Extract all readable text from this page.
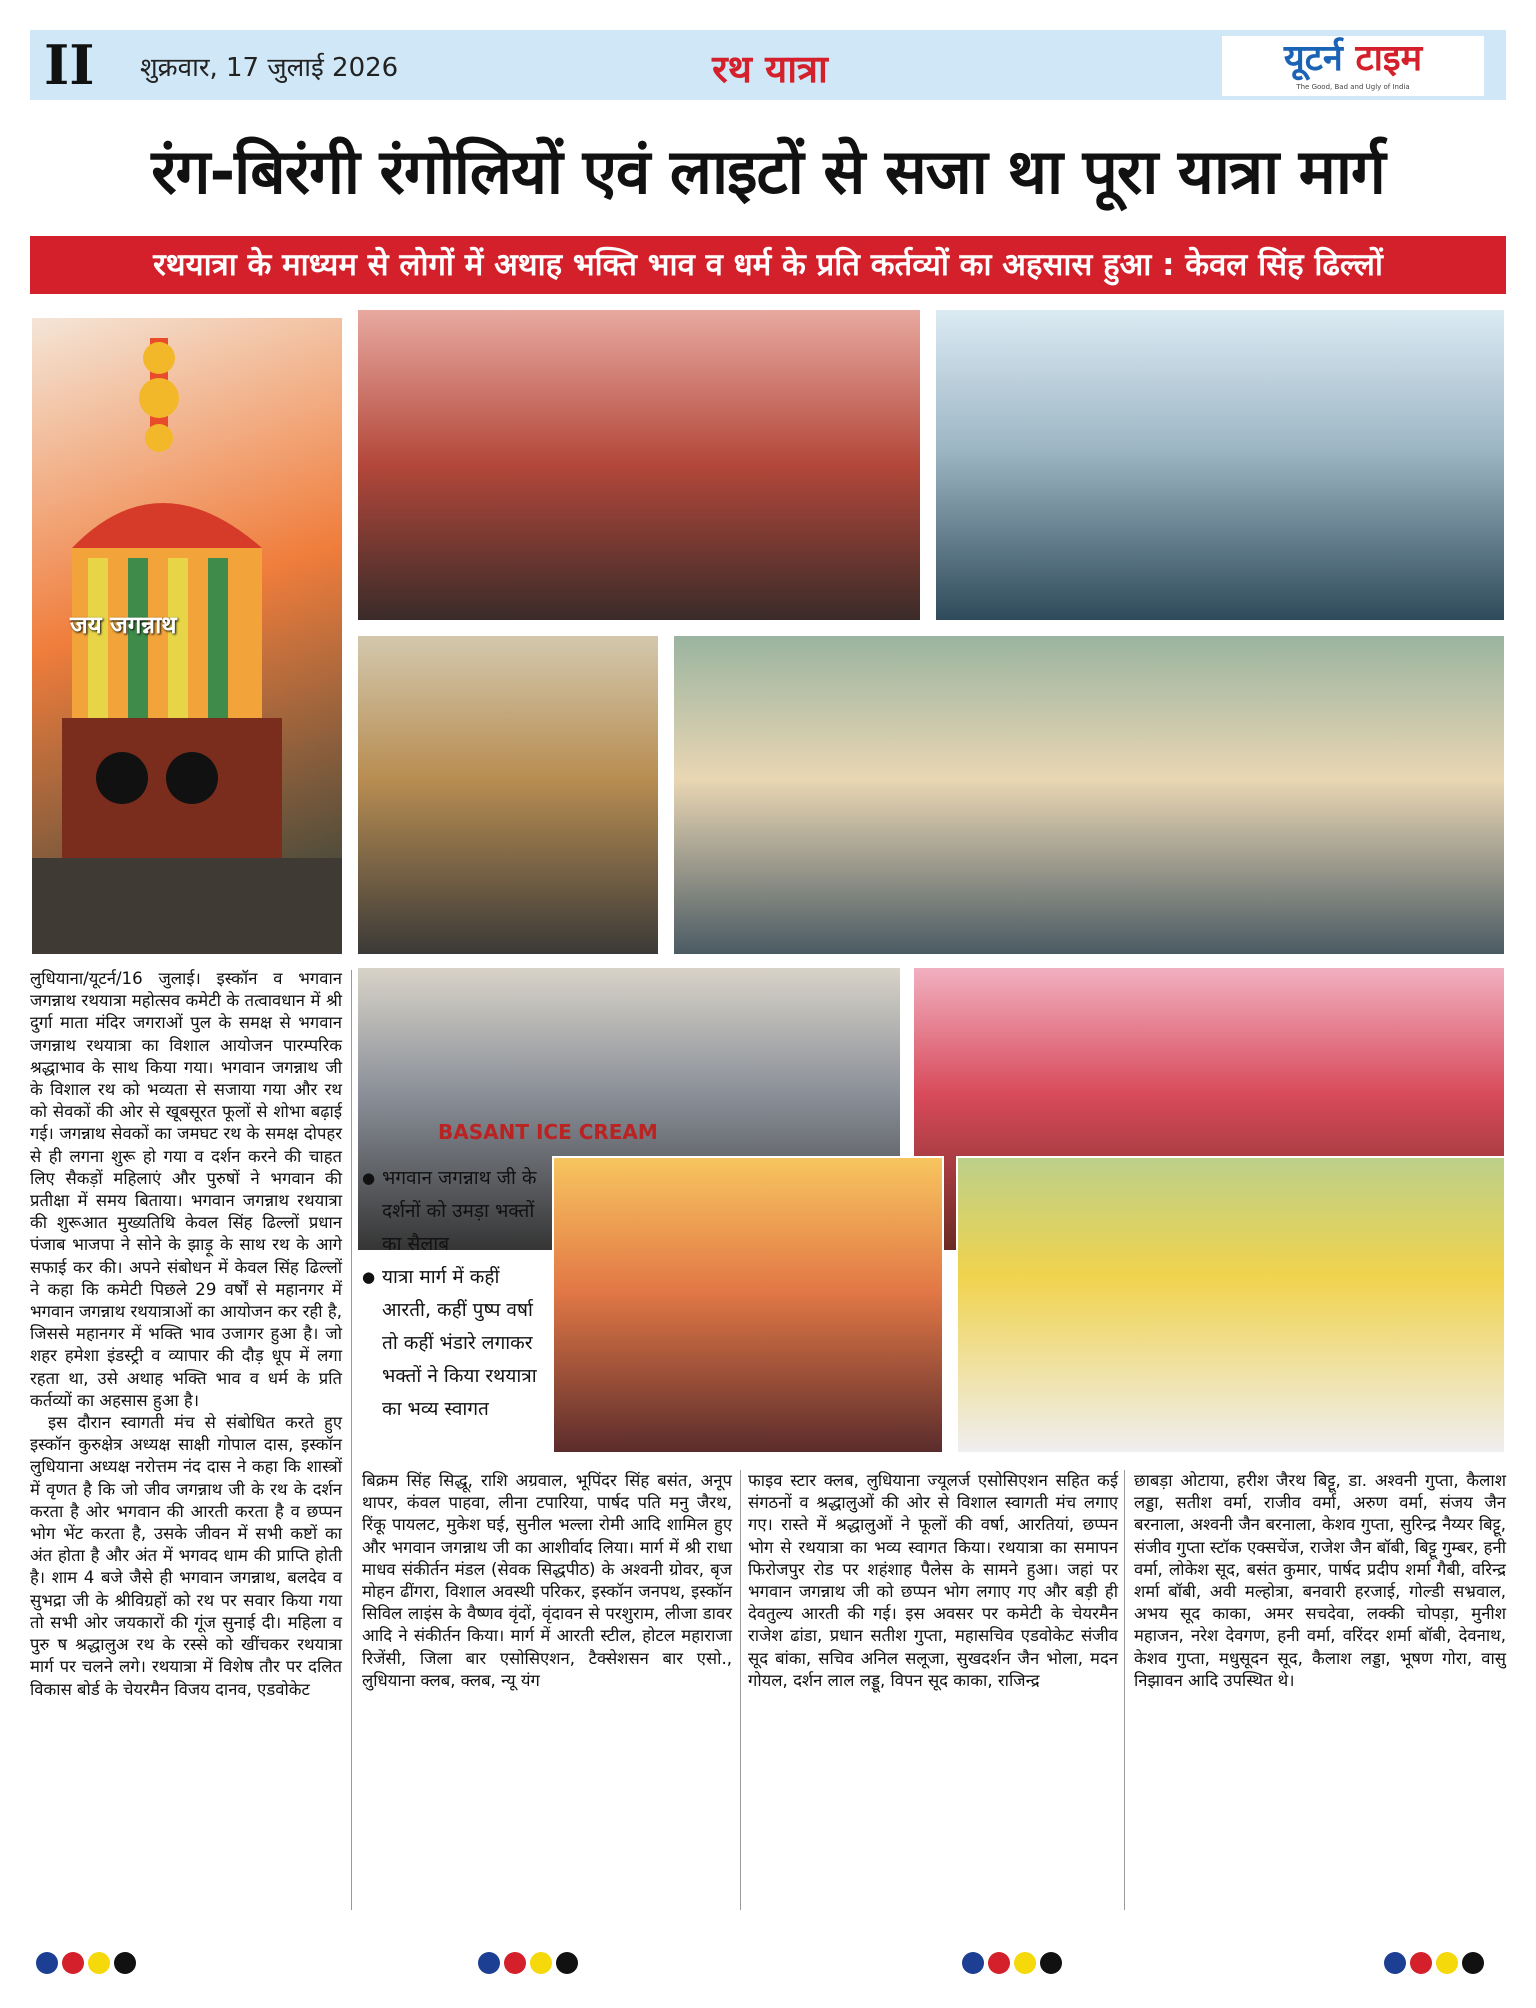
II शुक्रवार, 17 जुलाई 2026	रथ यात्रा	यूटर्न टाइम
The Good, Bad and Ugly of India
रंग-बिरंगी रंगोलियों एवं लाइटों से सजा था पूरा यात्रा मार्ग
रथयात्रा के माध्यम से लोगों में अथाह भक्ति भाव व धर्म के प्रति कर्तव्यों का अहसास हुआ : केवल सिंह ढिल्लों
जय जगन्नाथ
BASANT ICE CREAM
● भगवान जगन्नाथ जी के दर्शनों को उमड़ा भक्तों का सैलाब
● यात्रा मार्ग में कहीं आरती, कहीं पुष्प वर्षा तो कहीं भंडारे लगाकर भक्तों ने किया रथयात्रा का भव्य स्वागत

लुधियाना/यूटर्न/16 जुलाई। इस्कॉन व भगवान जगन्नाथ रथयात्रा महोत्सव कमेटी के तत्वावधान में श्री दुर्गा माता मंदिर जगराओं पुल के समक्ष से भगवान जगन्नाथ रथयात्रा का विशाल आयोजन पारम्परिक श्रद्धाभाव के साथ किया गया। भगवान जगन्नाथ जी के विशाल रथ को भव्यता से सजाया गया और रथ को सेवकों की ओर से खूबसूरत फूलों से शोभा बढ़ाई गई। जगन्नाथ सेवकों का जमघट रथ के समक्ष दोपहर से ही लगना शुरू हो गया व दर्शन करने की चाहत लिए सैकड़ों महिलाएं और पुरुषों ने भगवान की प्रतीक्षा में समय बिताया। भगवान जगन्नाथ रथयात्रा की शुरूआत मुख्यतिथि केवल सिंह ढिल्लों प्रधान पंजाब भाजपा ने सोने के झाड़ू के साथ रथ के आगे सफाई कर की। अपने संबोधन में केवल सिंह ढिल्लों ने कहा कि कमेटी पिछले 29 वर्षों से महानगर में भगवान जगन्नाथ रथयात्राओं का आयोजन कर रही है, जिससे महानगर में भक्ति भाव उजागर हुआ है। जो शहर हमेशा इंडस्ट्री व व्यापार की दौड़ धूप में लगा रहता था, उसे अथाह भक्ति भाव व धर्म के प्रति कर्तव्यों का अहसास हुआ है।

इस दौरान स्वागती मंच से संबोधित करते हुए इस्कॉन कुरुक्षेत्र अध्यक्ष साक्षी गोपाल दास, इस्कॉन लुधियाना अध्यक्ष नरोत्तम नंद दास ने कहा कि शास्त्रों में वृणत है कि जो जीव जगन्नाथ जी के रथ के दर्शन करता है ओर भगवान की आरती करता है व छप्पन भोग भेंट करता है, उसके जीवन में सभी कष्टों का अंत होता है और अंत में भगवद धाम की प्राप्ति होती है। शाम 4 बजे जैसे ही भगवान जगन्नाथ, बलदेव व सुभद्रा जी के श्रीविग्रहों को रथ पर सवार किया गया तो सभी ओर जयकारों की गूंज सुनाई दी। महिला व पुरु ष श्रद्धालुअ रथ के रस्से को खींचकर रथयात्रा मार्ग पर चलने लगे। रथयात्रा में विशेष तौर पर दलित विकास बोर्ड के चेयरमैन विजय दानव, एडवोकेट

बिक्रम सिंह सिद्धू, राशि अग्रवाल, भूपिंदर सिंह बसंत, अनूप थापर, कंवल पाहवा, लीना टपारिया, पार्षद पति मनु जैरथ, रिंकू पायलट, मुकेश घई, सुनील भल्ला रोमी आदि शामिल हुए और भगवान जगन्नाथ जी का आशीर्वाद लिया। मार्ग में श्री राधा माधव संकीर्तन मंडल (सेवक सिद्धपीठ) के अश्वनी ग्रोवर, बृज मोहन ढींगरा, विशाल अवस्थी परिकर, इस्कॉन जनपथ, इस्कॉन सिविल लाइंस के वैष्णव वृंदों, वृंदावन से परशुराम, लीजा डावर आदि ने संकीर्तन किया। मार्ग में आरती स्टील, होटल महाराजा रिजेंसी, जिला बार एसोसिएशन, टैक्सेशसन बार एसो., लुधियाना क्लब, क्लब, न्यू यंग

फाइव स्टार क्लब, लुधियाना ज्यूलर्ज एसोसिएशन सहित कई संगठनों व श्रद्धालुओं की ओर से विशाल स्वागती मंच लगाए गए। रास्ते में श्रद्धालुओं ने फूलों की वर्षा, आरतियां, छप्पन भोग से रथयात्रा का भव्य स्वागत किया। रथयात्रा का समापन फिरोजपुर रोड पर शहंशाह पैलेस के सामने हुआ। जहां पर भगवान जगन्नाथ जी को छप्पन भोग लगाए गए और बड़ी ही देवतुल्य आरती की गई। इस अवसर पर कमेटी के चेयरमैन राजेश ढांडा, प्रधान सतीश गुप्ता, महासचिव एडवोकेट संजीव सूद बांका, सचिव अनिल सलूजा, सुखदर्शन जैन भोला, मदन गोयल, दर्शन लाल लड्डू, विपन सूद काका, राजिन्द्र

छाबड़ा ओटाया, हरीश जैरथ बिट्टू, डा. अश्वनी गुप्ता, कैलाश लड्डा, सतीश वर्मा, राजीव वर्मा, अरुण वर्मा, संजय जैन बरनाला, अश्वनी जैन बरनाला, केशव गुप्ता, सुरिन्द्र नैय्यर बिट्टू, संजीव गुप्ता स्टॉक एक्सचेंज, राजेश जैन बॉबी, बिट्टू गुम्बर, हनी वर्मा, लोकेश सूद, बसंत कुमार, पार्षद प्रदीप शर्मा गैबी, वरिन्द्र शर्मा बॉबी, अवी मल्होत्रा, बनवारी हरजाई, गोल्डी सभ्रवाल, अभय सूद काका, अमर सचदेवा, लक्की चोपड़ा, मुनीश महाजन, नरेश देवगण, हनी वर्मा, वरिंदर शर्मा बॉबी, देवनाथ, केशव गुप्ता, मधुसूदन सूद, कैलाश लड्डा, भूषण गोरा, वासु निझावन आदि उपस्थित थे।
